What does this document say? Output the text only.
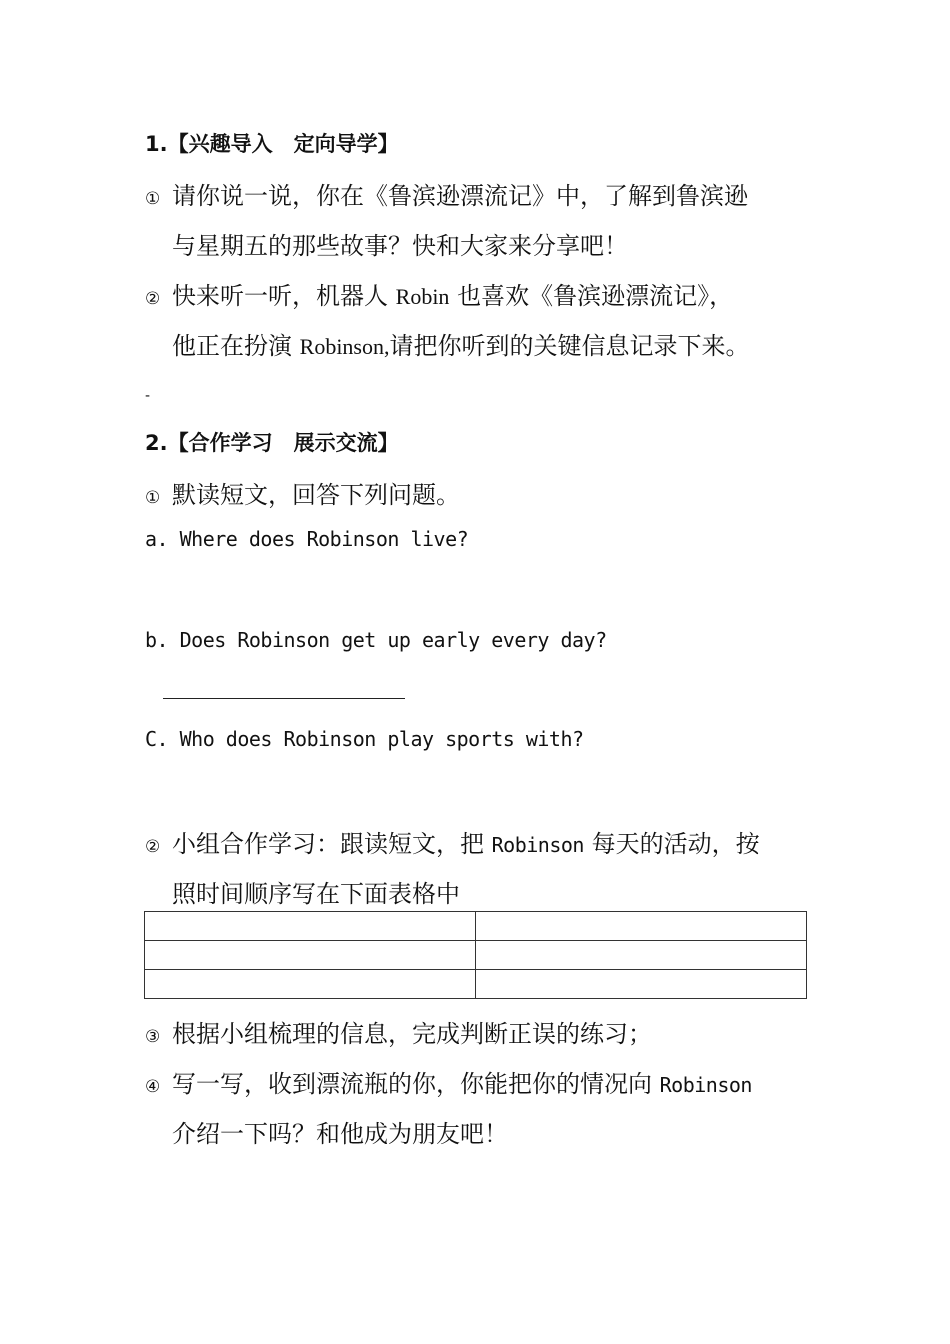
1.【兴趣导入　定向导学】
① 请你说一说，你在《鲁滨逊漂流记》中，了解到鲁滨逊
与星期五的那些故事？快和大家来分享吧！
② 快来听一听，机器人 Robin 也喜欢《鲁滨逊漂流记》，
他正在扮演 Robinson,请把你听到的关键信息记录下来。
-
2.【合作学习　展示交流】
① 默读短文，回答下列问题。
a. Where does Robinson live?
b. Does Robinson get up early every day?
C. Who does Robinson play sports with?
② 小组合作学习：跟读短文，把 Robinson 每天的活动，按
照时间顺序写在下面表格中

③ 根据小组梳理的信息，完成判断正误的练习；
④ 写一写，收到漂流瓶的你，你能把你的情况向 Robinson
介绍一下吗？和他成为朋友吧！
